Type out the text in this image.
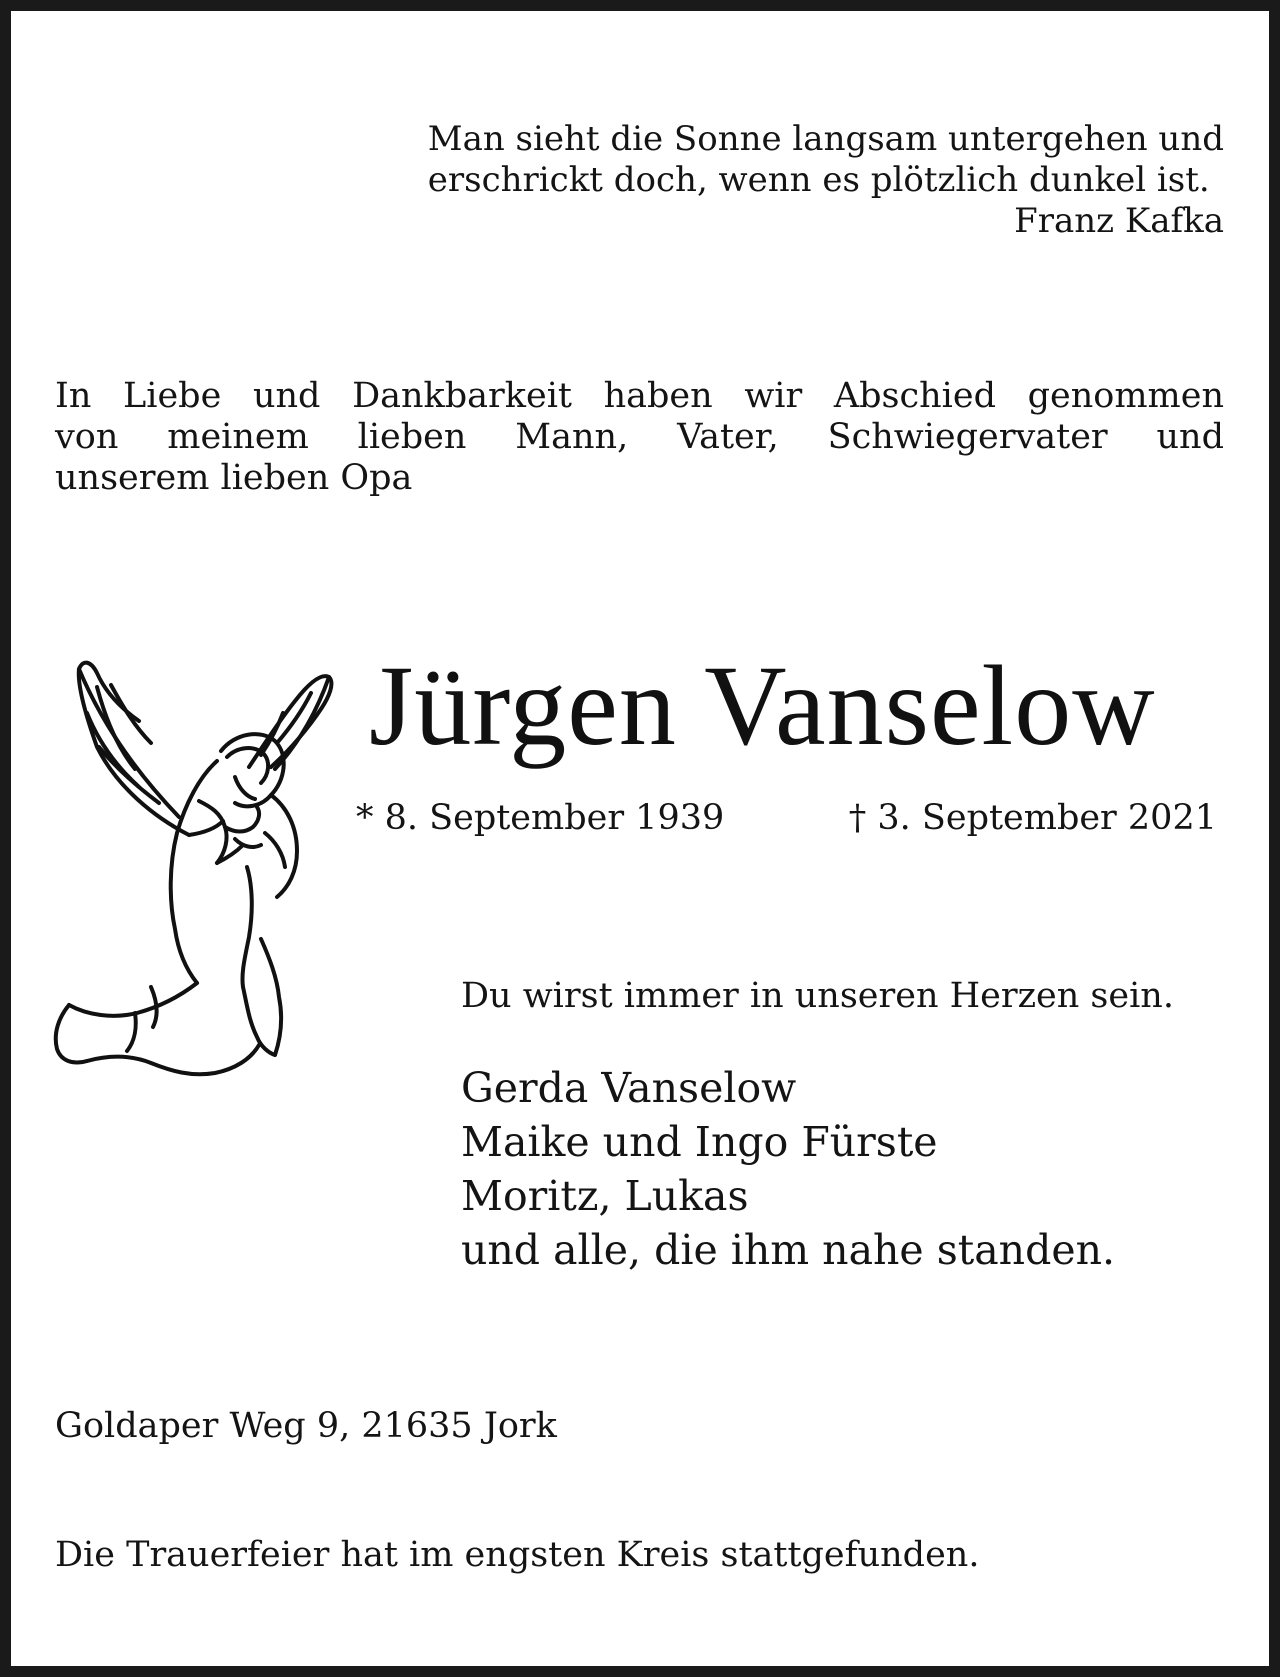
Man sieht die Sonne langsam untergehen und
erschrickt doch, wenn es plötzlich dunkel ist.
Franz Kafka
In Liebe und Dankbarkeit haben wir Abschied genommen
von meinem lieben Mann, Vater, Schwiegervater und
unserem lieben Opa
Jürgen Vanselow
* 8. September 1939	† 3. September 2021
Du wirst immer in unseren Herzen sein.
Gerda Vanselow
Maike und Ingo Fürste
Moritz, Lukas
und alle, die ihm nahe standen.
Goldaper Weg 9, 21635 Jork
Die Trauerfeier hat im engsten Kreis stattgefunden.
